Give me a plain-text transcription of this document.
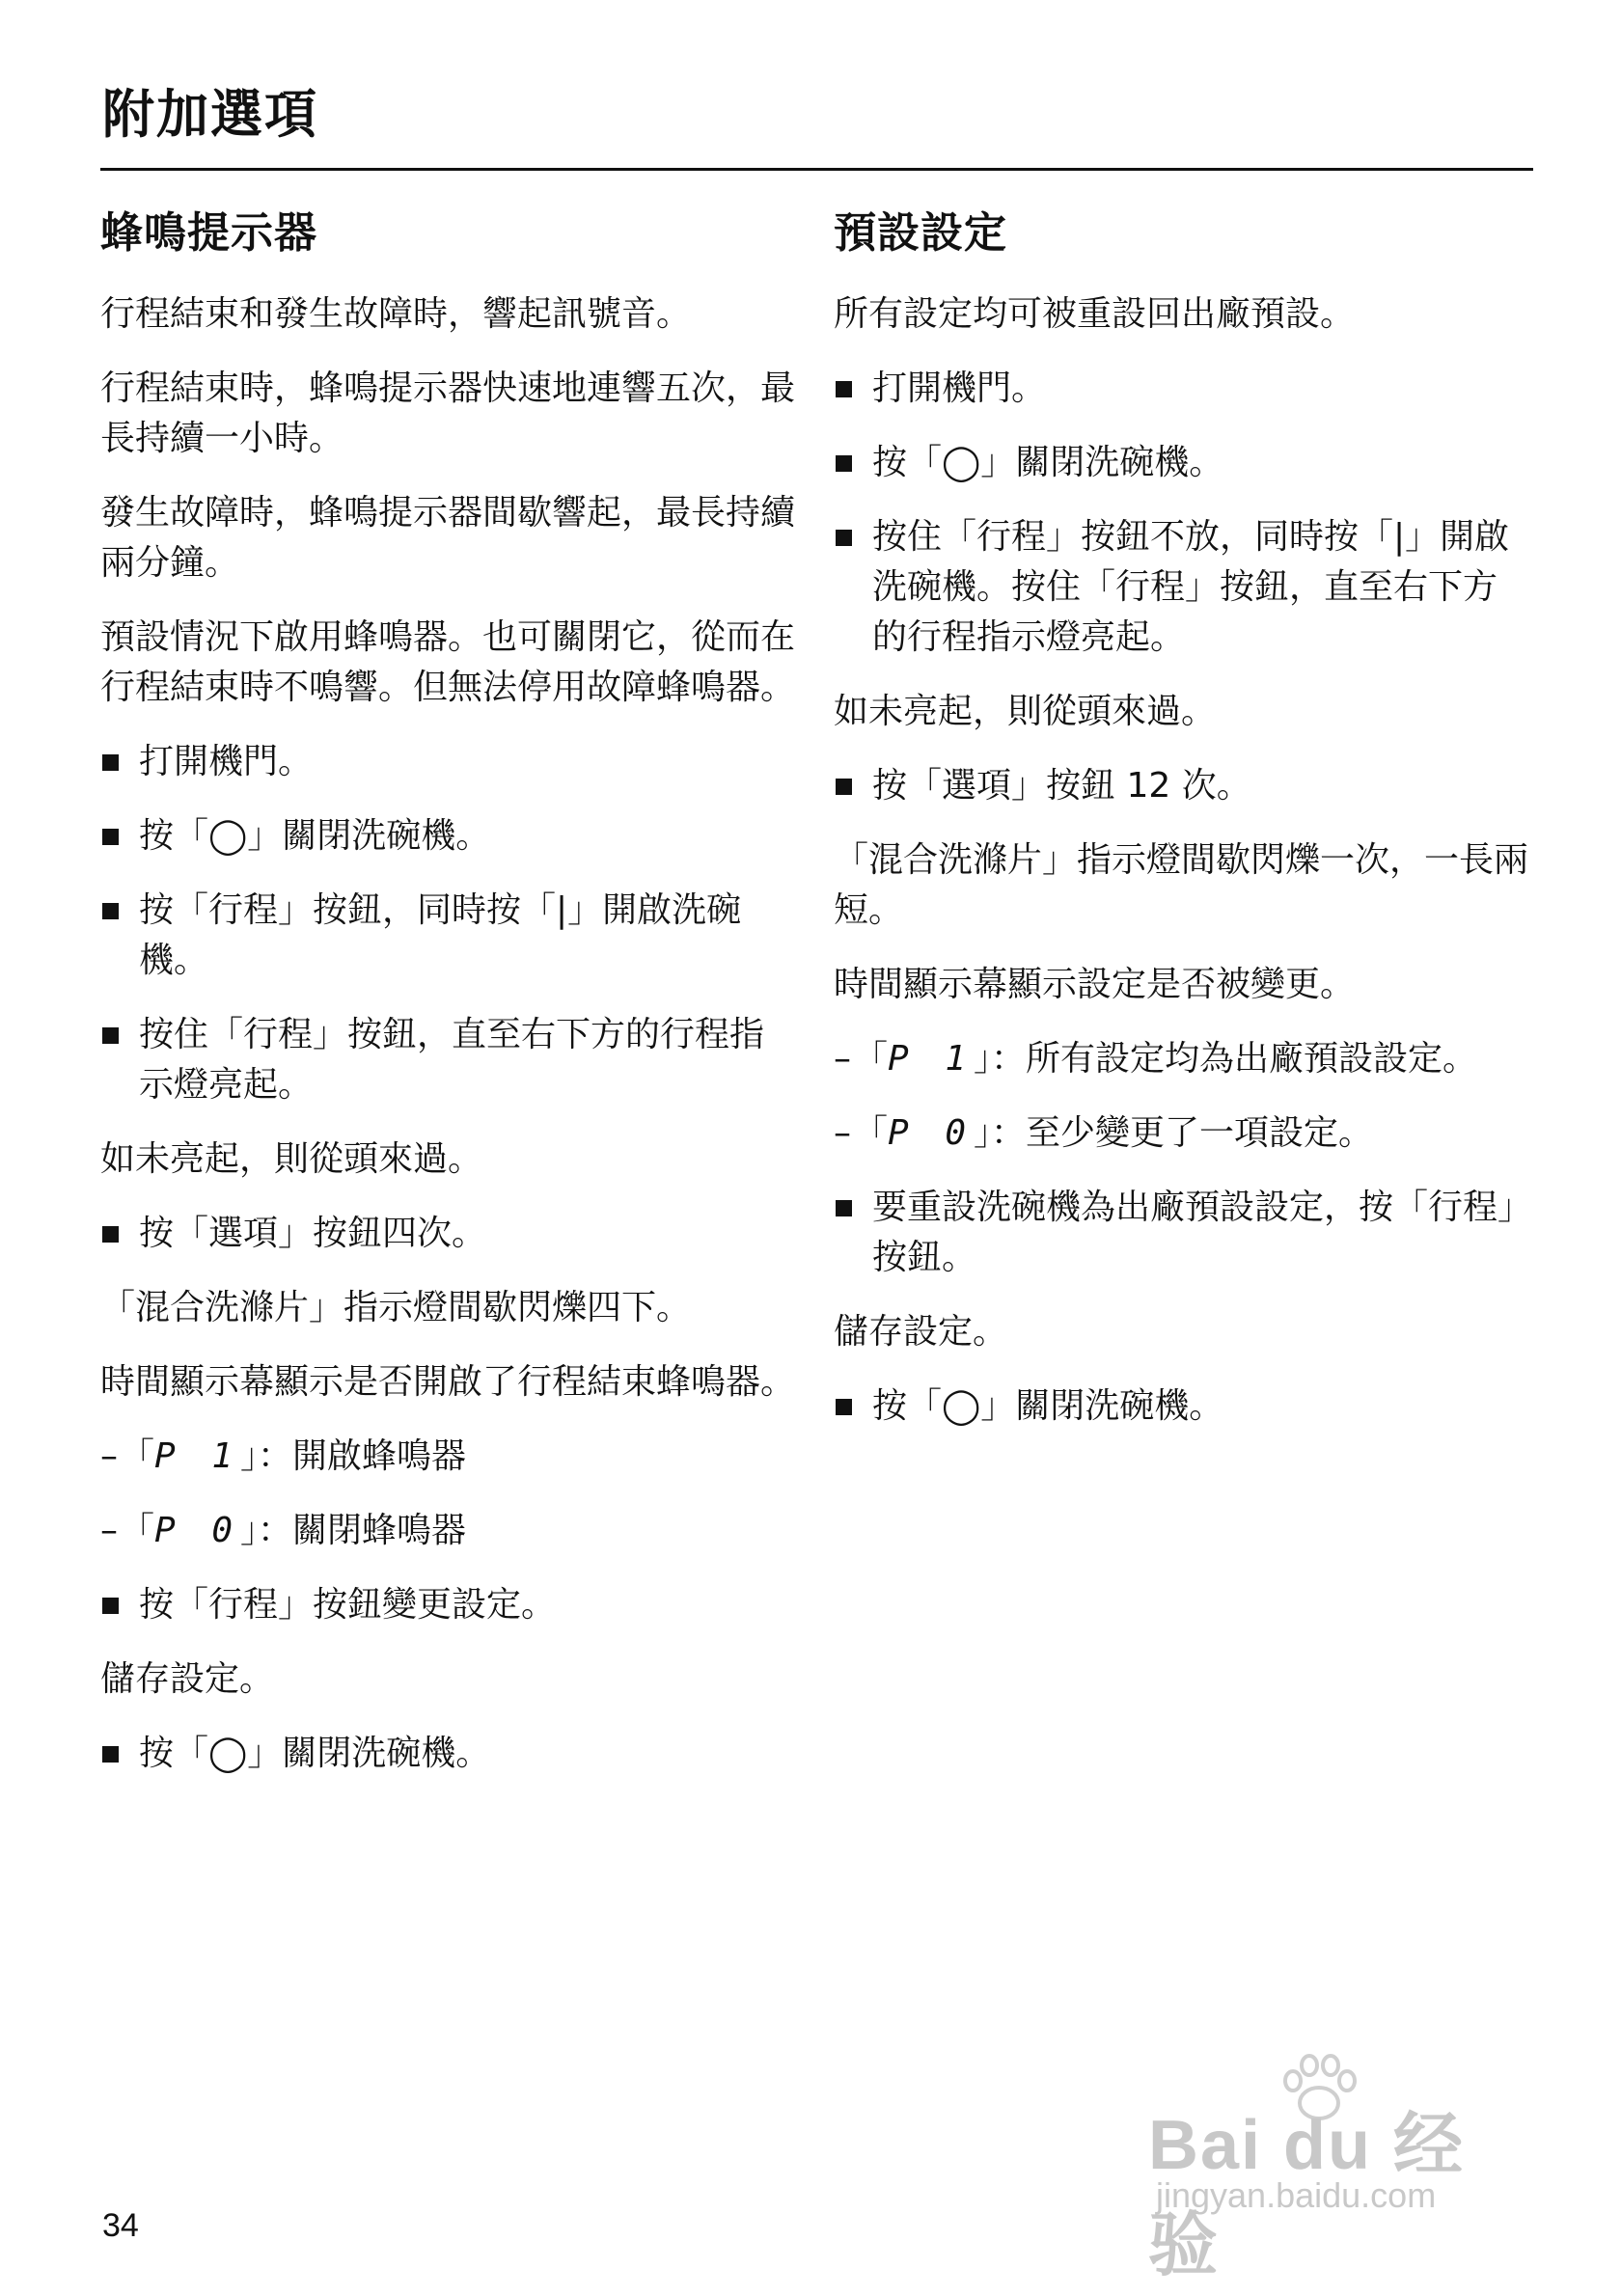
附加選項
蜂鳴提示器

行程結束和發生故障時，響起訊號音。

行程結束時，蜂鳴提示器快速地連響五次，最長持續一小時。

發生故障時，蜂鳴提示器間歇響起，最長持續兩分鐘。

預設情況下啟用蜂鳴器。也可關閉它，從而在行程結束時不鳴響。但無法停用故障蜂鳴器。

打開機門。
按「◯」關閉洗碗機。
按「行程」按鈕，同時按「|」開啟洗碗機。
按住「行程」按鈕，直至右下方的行程指示燈亮起。

如未亮起，則從頭來過。

按「選項」按鈕四次。

「混合洗滌片」指示燈間歇閃爍四下。

時間顯示幕顯示是否開啟了行程結束蜂鳴器。

–「P 1」：開啟蜂鳴器
–「P 0」：關閉蜂鳴器
按「行程」按鈕變更設定。

儲存設定。

按「◯」關閉洗碗機。
預設設定

所有設定均可被重設回出廠預設。

打開機門。
按「◯」關閉洗碗機。
按住「行程」按鈕不放，同時按「|」開啟洗碗機。按住「行程」按鈕，直至右下方的行程指示燈亮起。

如未亮起，則從頭來過。

按「選項」按鈕 12 次。

「混合洗滌片」指示燈間歇閃爍一次，一長兩短。

時間顯示幕顯示設定是否被變更。

–「P 1」：所有設定均為出廠預設設定。
–「P 0」：至少變更了一項設定。
要重設洗碗機為出廠預設設定，按「行程」按鈕。

儲存設定。

按「◯」關閉洗碗機。
34
Bai du 经验
jingyan.baidu.com
